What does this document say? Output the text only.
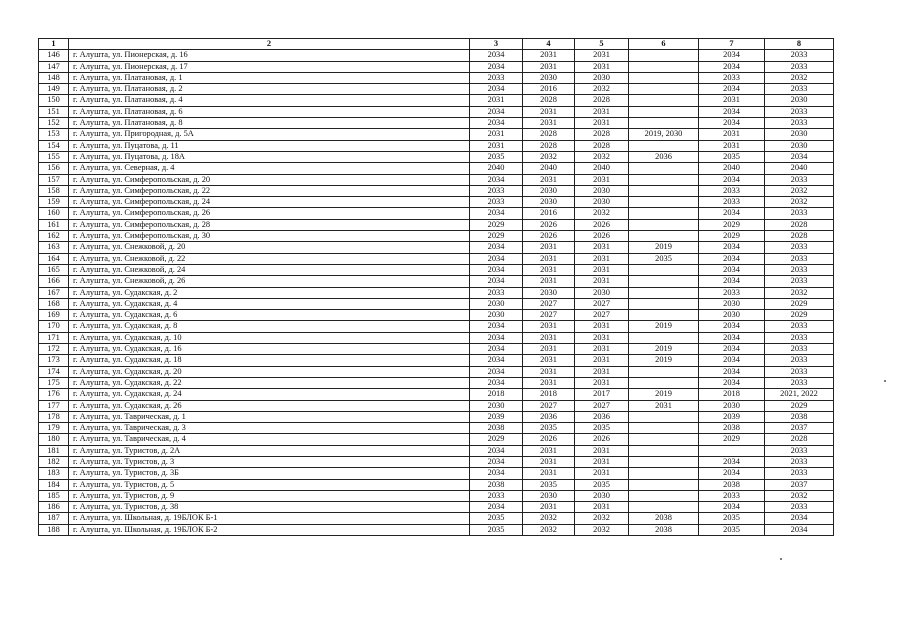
1	2	3	4	5	6	7	8
146	г. Алушта, ул. Пионерская, д. 16	2034	2031	2031		2034	2033
147	г. Алушта, ул. Пионерская, д. 17	2034	2031	2031		2034	2033
148	г. Алушта, ул. Платановая, д. 1	2033	2030	2030		2033	2032
149	г. Алушта, ул. Платановая, д. 2	2034	2016	2032		2034	2033
150	г. Алушта, ул. Платановая, д. 4	2031	2028	2028		2031	2030
151	г. Алушта, ул. Платановая, д. 6	2034	2031	2031		2034	2033
152	г. Алушта, ул. Платановая, д. 8	2034	2031	2031		2034	2033
153	г. Алушта, ул. Пригородная, д. 5А	2031	2028	2028	2019, 2030	2031	2030
154	г. Алушта, ул. Пуцатова, д. 11	2031	2028	2028		2031	2030
155	г. Алушта, ул. Пуцатова, д. 18А	2035	2032	2032	2036	2035	2034
156	г. Алушта, ул. Северная, д. 4	2040	2040	2040		2040	2040
157	г. Алушта, ул. Симферопольская, д. 20	2034	2031	2031		2034	2033
158	г. Алушта, ул. Симферопольская, д. 22	2033	2030	2030		2033	2032
159	г. Алушта, ул. Симферопольская, д. 24	2033	2030	2030		2033	2032
160	г. Алушта, ул. Симферопольская, д. 26	2034	2016	2032		2034	2033
161	г. Алушта, ул. Симферопольская, д. 28	2029	2026	2026		2029	2028
162	г. Алушта, ул. Симферопольская, д. 30	2029	2026	2026		2029	2028
163	г. Алушта, ул. Снежковой, д. 20	2034	2031	2031	2019	2034	2033
164	г. Алушта, ул. Снежковой, д. 22	2034	2031	2031	2035	2034	2033
165	г. Алушта, ул. Снежковой, д. 24	2034	2031	2031		2034	2033
166	г. Алушта, ул. Снежковой, д. 26	2034	2031	2031		2034	2033
167	г. Алушта, ул. Судакская, д. 2	2033	2030	2030		2033	2032
168	г. Алушта, ул. Судакская, д. 4	2030	2027	2027		2030	2029
169	г. Алушта, ул. Судакская, д. 6	2030	2027	2027		2030	2029
170	г. Алушта, ул. Судакская, д. 8	2034	2031	2031	2019	2034	2033
171	г. Алушта, ул. Судакская, д. 10	2034	2031	2031		2034	2033
172	г. Алушта, ул. Судакская, д. 16	2034	2031	2031	2019	2034	2033
173	г. Алушта, ул. Судакская, д. 18	2034	2031	2031	2019	2034	2033
174	г. Алушта, ул. Судакская, д. 20	2034	2031	2031		2034	2033
175	г. Алушта, ул. Судакская, д. 22	2034	2031	2031		2034	2033
176	г. Алушта, ул. Судакская, д. 24	2018	2018	2017	2019	2018	2021, 2022
177	г. Алушта, ул. Судакская, д. 26	2030	2027	2027	2031	2030	2029
178	г. Алушта, ул. Таврическая, д. 1	2039	2036	2036		2039	2038
179	г. Алушта, ул. Таврическая, д. 3	2038	2035	2035		2038	2037
180	г. Алушта, ул. Таврическая, д. 4	2029	2026	2026		2029	2028
181	г. Алушта, ул. Туристов, д. 2А	2034	2031	2031			2033
182	г. Алушта, ул. Туристов, д. 3	2034	2031	2031		2034	2033
183	г. Алушта, ул. Туристов, д. 3Б	2034	2031	2031		2034	2033
184	г. Алушта, ул. Туристов, д. 5	2038	2035	2035		2038	2037
185	г. Алушта, ул. Туристов, д. 9	2033	2030	2030		2033	2032
186	г. Алушта, ул. Туристов, д. 38	2034	2031	2031		2034	2033
187	г. Алушта, ул. Школьная, д. 19БЛОК Б-1	2035	2032	2032	2038	2035	2034
188	г. Алушта, ул. Школьная, д. 19БЛОК Б-2	2035	2032	2032	2038	2035	2034
